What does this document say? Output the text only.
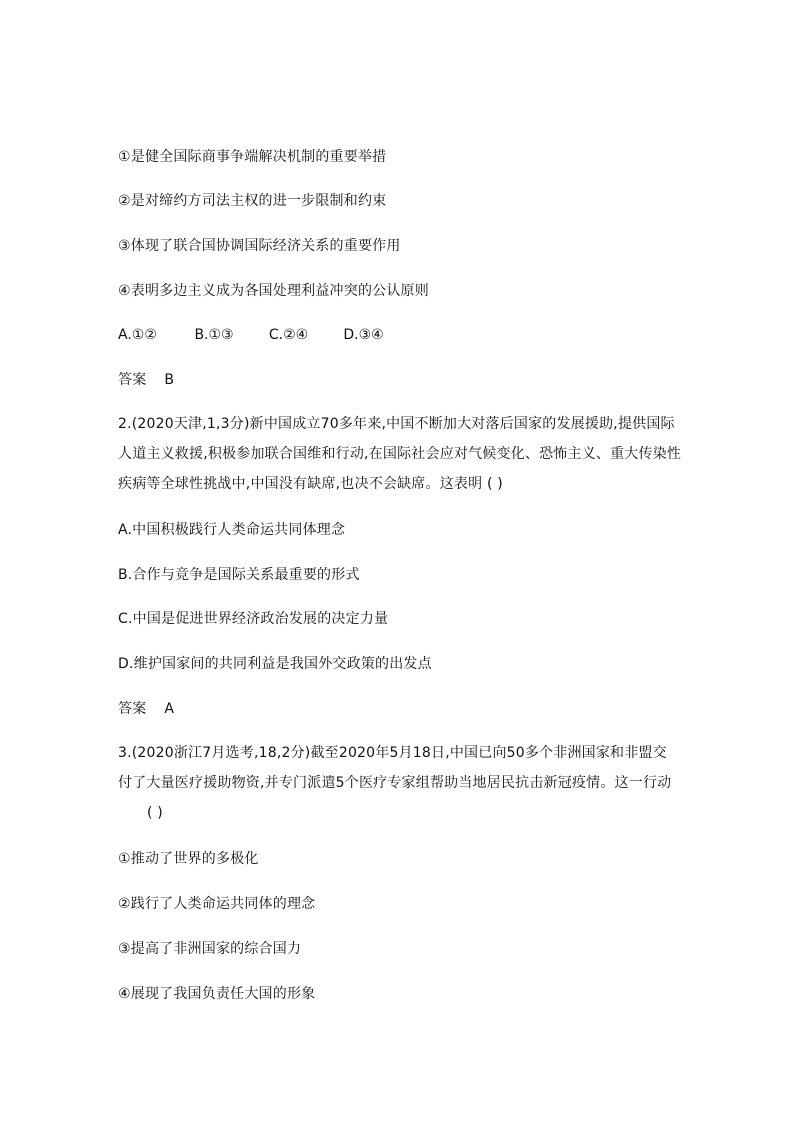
①是健全国际商事争端解决机制的重要举措
②是对缔约方司法主权的进一步限制和约束
③体现了联合国协调国际经济关系的重要作用
④表明多边主义成为各国处理利益冲突的公认原则
A.①②	B.①③	C.②④	D.③④
答案 B
2.(2020天津,1,3分)新中国成立70多年来,中国不断加大对落后国家的发展援助,提供国际
人道主义救援,积极参加联合国维和行动,在国际社会应对气候变化、恐怖主义、重大传染性
疾病等全球性挑战中,中国没有缺席,也决不会缺席。这表明 ( )
A.中国积极践行人类命运共同体理念
B.合作与竞争是国际关系最重要的形式
C.中国是促进世界经济政治发展的决定力量
D.维护国家间的共同利益是我国外交政策的出发点
答案 A
3.(2020浙江7月选考,18,2分)截至2020年5月18日,中国已向50多个非洲国家和非盟交
付了大量医疗援助物资,并专门派遣5个医疗专家组帮助当地居民抗击新冠疫情。这一行动
( )
①推动了世界的多极化
②践行了人类命运共同体的理念
③提高了非洲国家的综合国力
④展现了我国负责任大国的形象
